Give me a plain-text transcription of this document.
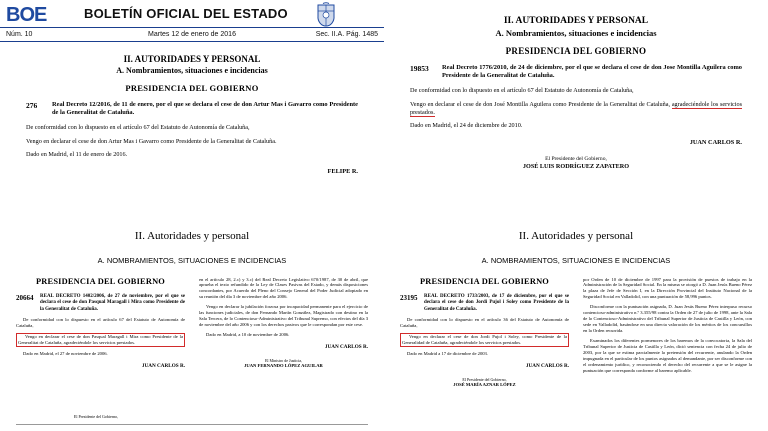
BOE	BOLETÍN OFICIAL DEL ESTADO
Núm. 10	Martes 12 de enero de 2016	Sec. II.A. Pág. 1485
II. AUTORIDADES Y PERSONAL
A. Nombramientos, situaciones e incidencias
PRESIDENCIA DEL GOBIERNO
276 Real Decreto 12/2016, de 11 de enero, por el que se declara el cese de don Artur Mas i Gavarro como Presidente de la Generalitat de Cataluña.
De conformidad con lo dispuesto en el artículo 67 del Estatuto de Autonomía de Cataluña,
Vengo en declarar el cese de don Artur Mas i Gavarro como Presidente de la Generalitat de Cataluña.
Dado en Madrid, el 11 de enero de 2016.
FELIPE R.
II. AUTORIDADES Y PERSONAL
A. Nombramientos, situaciones e incidencias
PRESIDENCIA DEL GOBIERNO
19853 Real Decreto 1776/2010, de 24 de diciembre, por el que se declara el cese de don Jose Montilla Aguilera como Presidente de la Generalitat de Cataluña.
De conformidad con lo dispuesto en el artículo 67 del Estatuto de Autonomía de Cataluña,
Vengo en declarar el cese de don José Montilla Aguilera como Presidente de la Generalitat de Cataluña, agradeciéndole los servicios prestados.
Dado en Madrid, el 24 de diciembre de 2010.
JUAN CARLOS R.
El Presidente del Gobierno,
JOSÉ LUIS RODRÍGUEZ ZAPATERO
II. Autoridades y personal
A. NOMBRAMIENTOS, SITUACIONES E INCIDENCIAS
PRESIDENCIA DEL GOBIERNO
20664 REAL DECRETO 1402/2006, de 27 de noviembre, por el que se declara el cese de don Pasqual Maragall i Mira como Presidente de la Generalitat de Cataluña.
De conformidad con lo dispuesto en el artículo 67 del Estatuto de Autonomía de Cataluña,
Vengo en declarar el cese de don Pasqual Maragall i Mira como Presidente de la Generalitat de Cataluña, agradeciéndole los servicios prestados.
Dado en Madrid, el 27 de noviembre de 2006.
JUAN CARLOS R.
El Presidente del Gobierno,
en el artículo 28, 2.c) y 3.c) del Real Decreto Legislativo 670/1987, de 30 de abril, que aprueba el texto refundido de la Ley de Clases Pasivas del Estado, y demás disposiciones concordantes, por Acuerdo del Pleno del Consejo General del Poder Judicial adoptado en su reunión del día 3 de noviembre del año 2006.
Vengo en declarar la jubilación forzosa por incapacidad permanente para el ejercicio de las funciones judiciales, de don Fernando Martín González, Magistrado con destino en la Sala Tercera, de lo Contencioso-Administrativo del Tribunal Supremo, con efectos del día 3 de noviembre del año 2006 y con los derechos pasivos que le correspondan por este cese.
Dado en Madrid, a 10 de noviembre de 2006.
JUAN CARLOS R.
El Ministro de Justicia,
JUAN FERNANDO LÓPEZ AGUILAR
II. Autoridades y personal
A. NOMBRAMIENTOS, SITUACIONES E INCIDENCIAS
PRESIDENCIA DEL GOBIERNO
23195 REAL DECRETO 1733/2003, de 17 de diciembre, por el que se declara el cese de don Jordi Pujol i Soley como Presidente de la Generalitat de Cataluña.
De conformidad con lo dispuesto en el artículo 36 del Estatuto de Autonomía de Cataluña,
Vengo en declarar el cese de don Jordi Pujol i Soley, como Presidente de la Generalidad de Cataluña, agradeciéndole los servicios prestados.
Dado en Madrid a 17 de diciembre de 2003.
JUAN CARLOS R.
El Presidente del Gobierno,
JOSÉ MARÍA AZNAR LÓPEZ
por Orden de 10 de diciembre de 1997 para la provisión de puestos de trabajo en la Administración de la Seguridad Social. En la misma se otorgó a D. Juan Jesús Bueno Pérez la plaza de Jefe de Sección I, en la Dirección Provincial del Instituto Nacional de la Seguridad Social en Valladolid, con una puntuación de 58,996 puntos.
Disconforme con la puntuación asignada, D. Juan Jesús Bueno Pérez interpuso recurso contencioso-administrativo n.º 3.355/98 contra la Orden de 27 de julio de 1998, ante la Sala de lo Contencioso-Administrativo del Tribunal Superior de Justicia de Castilla y León, con sede en Valladolid, basándose en una directa valoración de los méritos de los concursillos en la Orden recurrida.
Examinados los diferentes pormenores de los baremos de la convocatoria, la Sala del Tribunal Superior de Justicia de Castilla y León, dictó sentencia con fecha 24 de julio de 2003, por la que se estima parcialmente la pretensión del recurrente, anulando la Orden impugnada en el particular de los puntos asignados al demandante, por ser disconforme con el ordenamiento jurídico, y reconociendo el derecho del recurrente a que se le asigne la puntuación que corresponda conforme al baremo aplicable.
